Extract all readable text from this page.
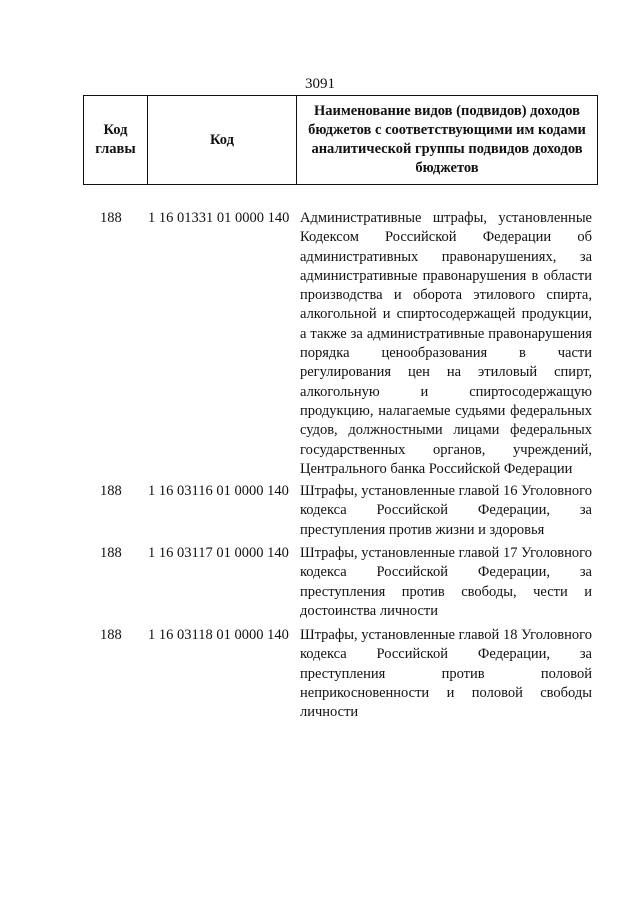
3091
Код главы	Код	Наименование видов (подвидов) доходов бюджетов с соответствующими им кодами аналитической группы подвидов доходов бюджетов
188	1 16 01331 01 0000 140 Административные штрафы, установленные Кодексом Российской Федерации об административных правонарушениях, за административные правонарушения в области производства и оборота этилового спирта, алкогольной и спиртосодержащей продукции, а также за административные правонарушения порядка ценообразования в части регулирования цен на этиловый спирт, алкогольную и спиртосодержащую продукцию, налагаемые судьями федеральных судов, должностными лицами федеральных государственных органов, учреждений, Центрального банка Российской Федерации
188	1 16 03116 01 0000 140 Штрафы, установленные главой 16 Уголовного кодекса Российской Федерации, за преступления против жизни и здоровья
188	1 16 03117 01 0000 140 Штрафы, установленные главой 17 Уголовного кодекса Российской Федерации, за преступления против свободы, чести и достоинства личности
188	1 16 03118 01 0000 140 Штрафы, установленные главой 18 Уголовного кодекса Российской Федерации, за преступления против половой неприкосновенности и половой свободы личности
